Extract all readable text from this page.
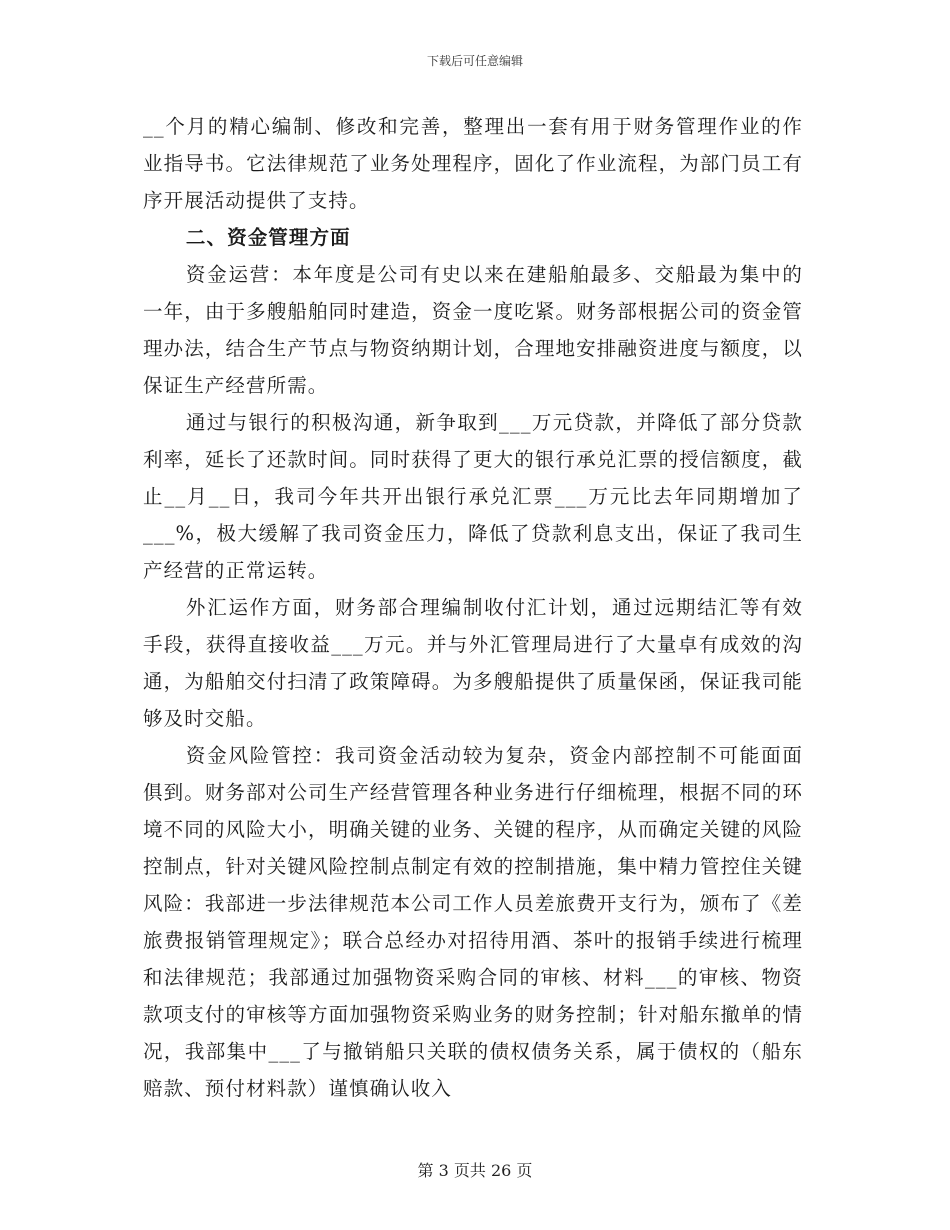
下载后可任意编辑

__个月的精心编制、修改和完善，整理出一套有用于财务管理作业的作业指导书。它法律规范了业务处理程序，固化了作业流程，为部门员工有序开展活动提供了支持。

二、资金管理方面

资金运营：本年度是公司有史以来在建船舶最多、交船最为集中的一年，由于多艘船舶同时建造，资金一度吃紧。财务部根据公司的资金管理办法，结合生产节点与物资纳期计划，合理地安排融资进度与额度，以保证生产经营所需。

通过与银行的积极沟通，新争取到___万元贷款，并降低了部分贷款利率，延长了还款时间。同时获得了更大的银行承兑汇票的授信额度，截止__月__日，我司今年共开出银行承兑汇票___万元比去年同期增加了___%，极大缓解了我司资金压力，降低了贷款利息支出，保证了我司生产经营的正常运转。

外汇运作方面，财务部合理编制收付汇计划，通过远期结汇等有效手段，获得直接收益___万元。并与外汇管理局进行了大量卓有成效的沟通，为船舶交付扫清了政策障碍。为多艘船提供了质量保函，保证我司能够及时交船。

资金风险管控：我司资金活动较为复杂，资金内部控制不可能面面俱到。财务部对公司生产经营管理各种业务进行仔细梳理，根据不同的环境不同的风险大小，明确关键的业务、关键的程序，从而确定关键的风险控制点，针对关键风险控制点制定有效的控制措施，集中精力管控住关键风险：我部进一步法律规范本公司工作人员差旅费开支行为，颁布了《差旅费报销管理规定》；联合总经办对招待用酒、茶叶的报销手续进行梳理和法律规范；我部通过加强物资采购合同的审核、材料___的审核、物资款项支付的审核等方面加强物资采购业务的财务控制；针对船东撤单的情况，我部集中___了与撤销船只关联的债权债务关系，属于债权的（船东赔款、预付材料款）谨慎确认收入

第 3 页共 26 页
